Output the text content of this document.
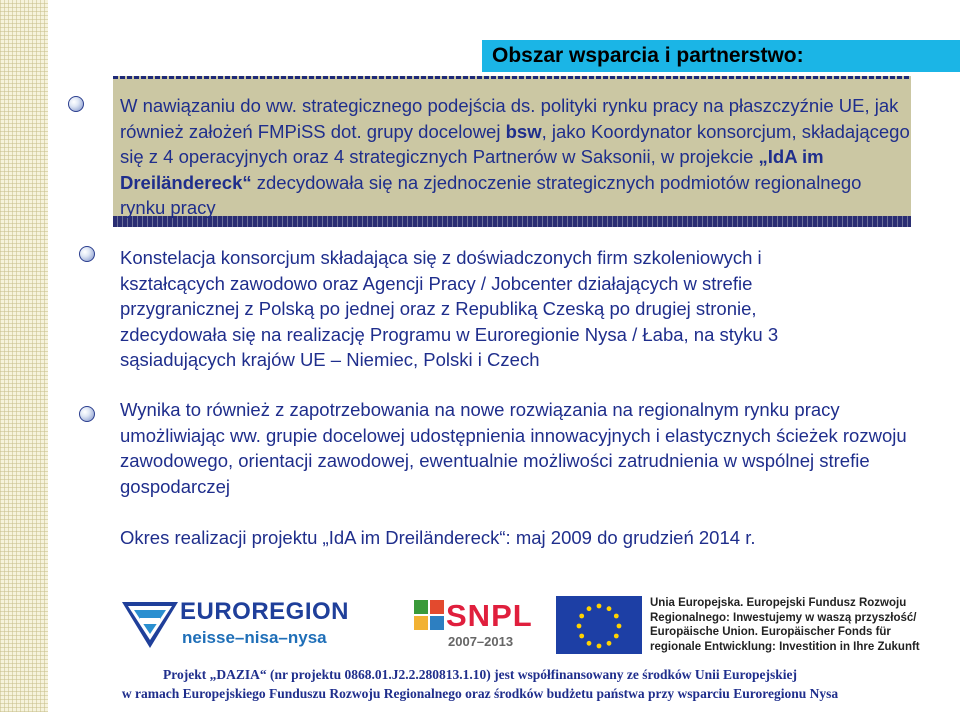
Obszar wsparcia i partnerstwo:

W nawiązaniu do ww. strategicznego podejścia ds. polityki rynku pracy na płaszczyźnie UE, jak również założeń FMPiSS dot. grupy docelowej bsw, jako Koordynator konsorcjum, składającego się z 4 operacyjnych oraz 4 strategicznych Partnerów w Saksonii, w projekcie „IdA im Dreiländereck“ zdecydowała się na zjednoczenie strategicznych podmiotów regionalnego rynku pracy

Konstelacja konsorcjum składająca się z doświadczonych firm szkoleniowych i kształcących zawodowo oraz Agencji Pracy / Jobcenter działających w strefie przygranicznej z Polską po jednej oraz z Republiką Czeską po drugiej stronie, zdecydowała się na realizację Programu w Euroregionie Nysa / Łaba, na styku 3 sąsiadujących krajów UE – Niemiec, Polski i Czech

Wynika to również z zapotrzebowania na nowe rozwiązania na regionalnym rynku pracy umożliwiając ww. grupie docelowej udostępnienia innowacyjnych i elastycznych ścieżek rozwoju zawodowego, orientacji zawodowej, ewentualnie możliwości zatrudnienia w wspólnej strefie gospodarczej

Okres realizacji projektu „IdA im Dreiländereck“: maj 2009 do grudzień 2014 r.

EUROREGION
neisse–nisa–nysa
SNPL
2007–2013
Unia Europejska. Europejski Fundusz Rozwoju
Regionalnego: Inwestujemy w waszą przyszłość/
Europäische Union. Europäischer Fonds für
regionale Entwicklung: Investition in Ihre Zukunft
Projekt „DAZIA“ (nr projektu 0868.01.J2.2.280813.1.10) jest współfinansowany ze środków Unii Europejskiej
w ramach Europejskiego Funduszu Rozwoju Regionalnego oraz środków budżetu państwa przy wsparciu Euroregionu Nysa
